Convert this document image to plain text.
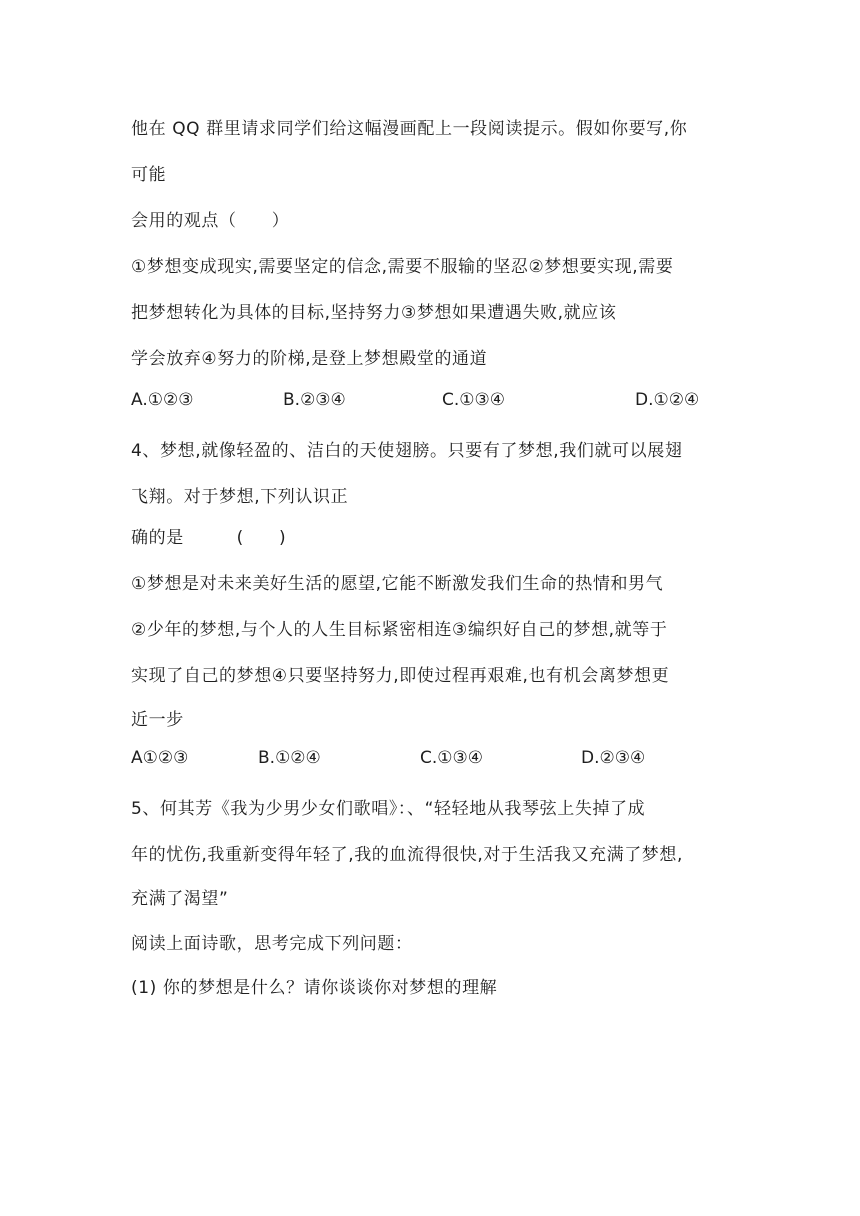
他在 QQ 群里请求同学们给这幅漫画配上一段阅读提示。假如你要写,你
可能
会用的观点（　　）
①梦想变成现实,需要坚定的信念,需要不服输的坚忍②梦想要实现,需要
把梦想转化为具体的目标,坚持努力③梦想如果遭遇失败,就应该
学会放弃④努力的阶梯,是登上梦想殿堂的通道
A.①②③	B.②③④	C.①③④	D.①②④
4、梦想,就像轻盈的、洁白的天使翅膀。只要有了梦想,我们就可以展翅
飞翔。对于梦想,下列认识正
确的是　　　(　　)
①梦想是对未来美好生活的愿望,它能不断激发我们生命的热情和男气
②少年的梦想,与个人的人生目标紧密相连③编织好自己的梦想,就等于
实现了自己的梦想④只要坚持努力,即使过程再艰难,也有机会离梦想更
近一步
A①②③	B.①②④	C.①③④	D.②③④
5、何其芳《我为少男少女们歌唱》：、“轻轻地从我琴弦上失掉了成
年的忧伤,我重新变得年轻了,我的血流得很快,对于生活我又充满了梦想,
充满了渴望”
阅读上面诗歌，思考完成下列问题：
(1) 你的梦想是什么？请你谈谈你对梦想的理解
